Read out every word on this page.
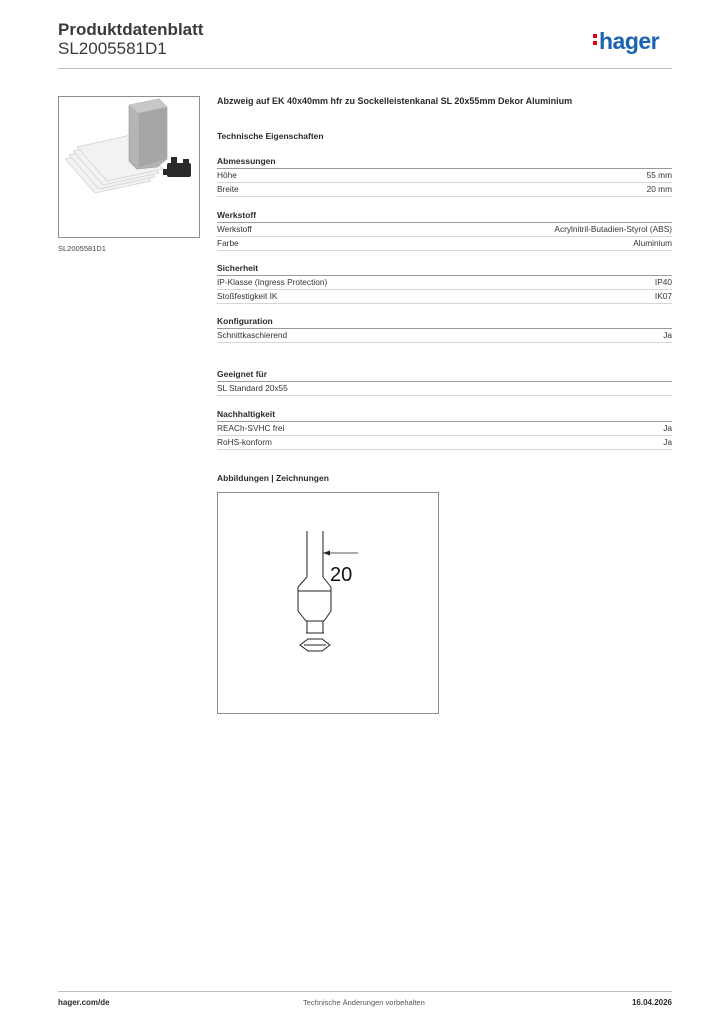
Produktdatenblatt
SL2005581D1	hager
SL2005581D1
Abzweig auf EK 40x40mm hfr zu Sockelleistenkanal SL 20x55mm Dekor Aluminium
Technische Eigenschaften
Abmessungen
Höhe	55 mm
Breite	20 mm
Werkstoff
Werkstoff	Acrylnitril-Butadien-Styrol (ABS)
Farbe	Aluminium
Sicherheit
IP-Klasse (Ingress Protection)	IP40
Stoßfestigkeit IK	IK07
Konfiguration
Schnittkaschierend	Ja
Geeignet für
SL Standard 20x55
Nachhaltigkeit
REACh-SVHC frei	Ja
RoHS-konform	Ja
Abbildungen | Zeichnungen
20
hager.com/de	Technische Änderungen vorbehalten	16.04.2026
